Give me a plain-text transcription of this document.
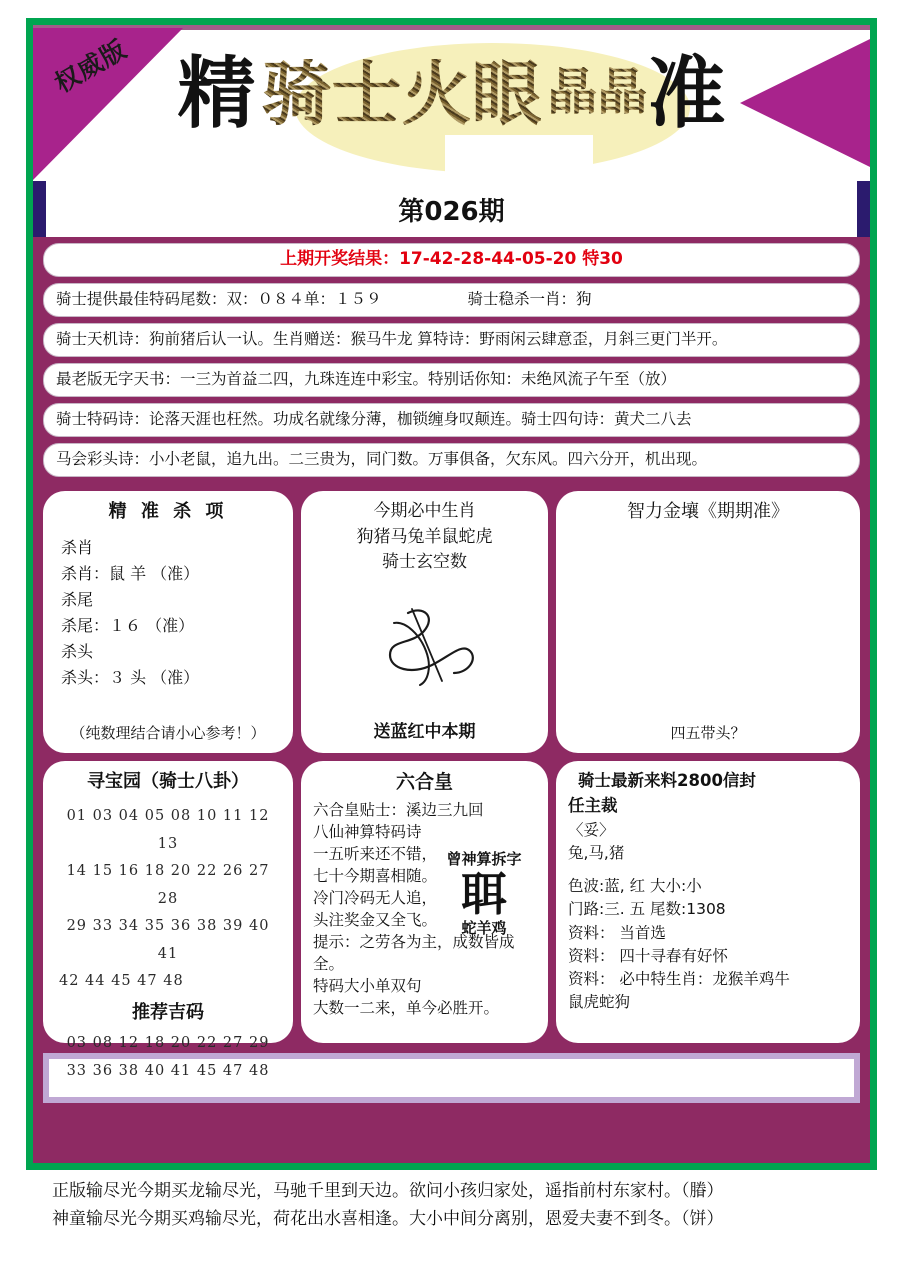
权威版 精 骑士火眼 晶晶 准
第026期
上期开奖结果： 17-42-28-44-05-20 特30
骑士提供最佳特码尾数：双：０８４单：１５９	骑士稳杀一肖：狗
骑士天机诗：狗前猪后认一认。生肖赠送：猴马牛龙 算特诗：野雨闲云肆意歪，月斜三更门半开。
最老版无字天书：一三为首益二四，九珠连连中彩宝。特别话你知：未绝风流子午至（放）
骑士特码诗：论落天涯也枉然。功成名就缘分薄，枷锁缠身叹颠连。骑士四句诗：黄犬二八去
马会彩头诗：小小老鼠，追九出。二三贵为，同门数。万事俱备，欠东风。四六分开，机出现。
精 准 杀 项
杀肖
杀肖：鼠 羊 （准）
杀尾
杀尾：１６ （准）
杀头
杀头：３ 头 （准）
（纯数理结合请小心参考！）
今期必中生肖
狗猪马兔羊鼠蛇虎
骑士玄空数
送蓝红中本期
智力金壤《期期准》
四五带头？
寻宝园（骑士八卦）
01 03 04 05 08 10 11 12 13
14 15 16 18 20 22 26 27 28
29 33 34 35 36 38 39 40 41
42 44 45 47 48
推荐吉码
03 08 12 18 20 22 27 29
33 36 38 40 41 45 47 48
六合皇
六合皇贴士：溪边三九回
八仙神算特码诗
一五听来还不错，
七十今期喜相随。
冷门冷码无人追，
头注奖金又全飞。
提示：之劳各为主，成数皆成全。
特码大小单双句
大数一二来，单今必胜开。
曾神算拆字
聑
蛇羊鸡
骑士最新来料2800信封
任主裁
〈妥〉
兔,马,猪
色波:蓝, 红 大小:小
门路:三. 五 尾数:1308
资料： 当首选
资料： 四十寻春有好怀
资料： 必中特生肖：龙猴羊鸡牛
鼠虎蛇狗
正版输尽光今期买龙输尽光，马驰千里到天边。欲问小孩归家处，遥指前村东家村。（膡）
神童输尽光今期买鸡输尽光，荷花出水喜相逢。大小中间分离别，恩爱夫妻不到冬。（饼）
